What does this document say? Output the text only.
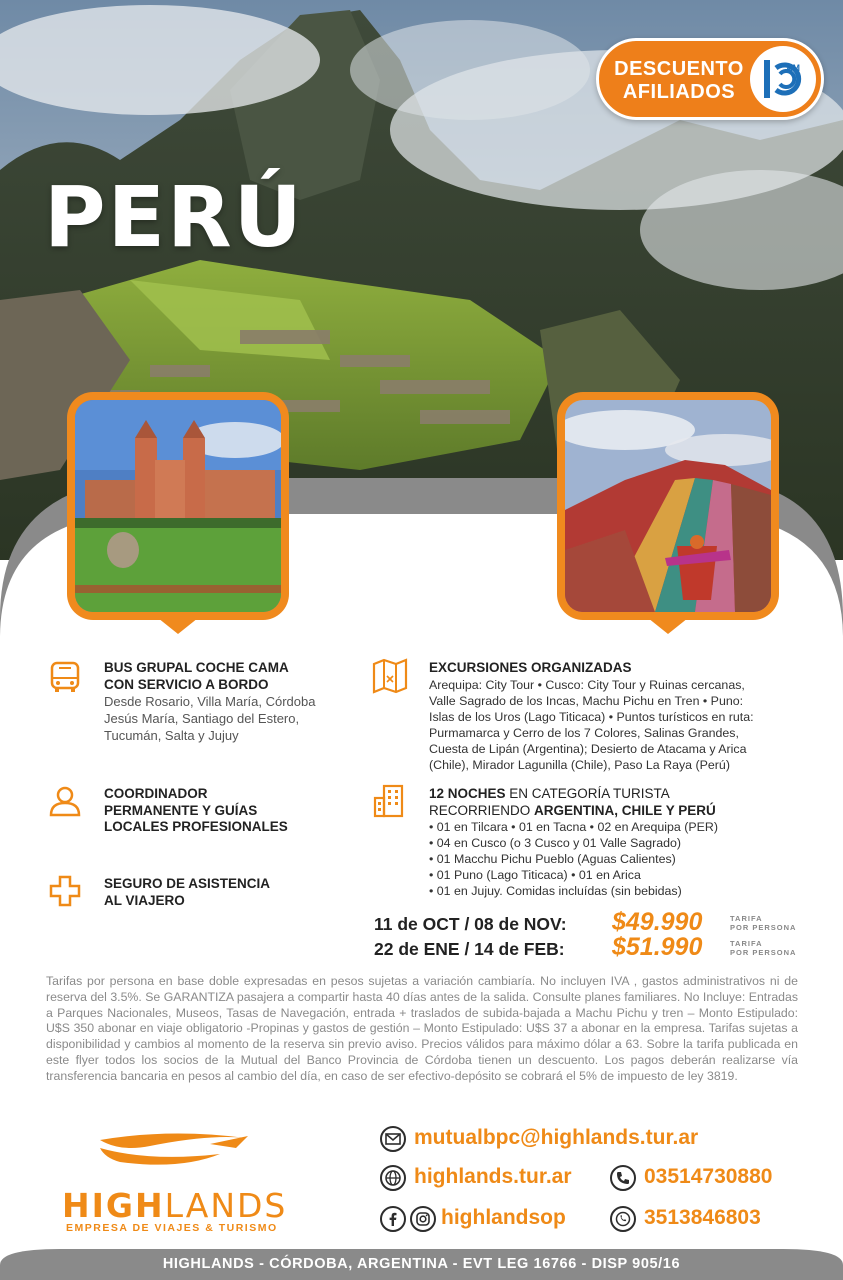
PERÚ
DESCUENTO
AFILIADOS
AM
BUS GRUPAL COCHE CAMA
CON SERVICIO A BORDO
Desde Rosario, Villa María, Córdoba
Jesús María, Santiago del Estero,
Tucumán, Salta y Jujuy
COORDINADOR
PERMANENTE Y GUÍAS
LOCALES PROFESIONALES
SEGURO DE ASISTENCIA
AL VIAJERO
EXCURSIONES ORGANIZADAS
Arequipa: City Tour • Cusco: City Tour y Ruinas cercanas,
Valle Sagrado de los Incas, Machu Pichu en Tren • Puno:
Islas de los Uros (Lago Titicaca) • Puntos turísticos en ruta:
Purmamarca y Cerro de los 7 Colores, Salinas Grandes,
Cuesta de Lipán (Argentina); Desierto de Atacama y Arica
(Chile), Mirador Lagunilla (Chile), Paso La Raya (Perú)
12 NOCHES EN CATEGORÍA TURISTA
RECORRIENDO ARGENTINA, CHILE Y PERÚ
• 01 en Tilcara • 01 en Tacna • 02 en Arequipa (PER)
• 04 en Cusco (o 3 Cusco y 01 Valle Sagrado)
• 01 Macchu Pichu Pueblo (Aguas Calientes)
• 01 Puno (Lago Titicaca) • 01 en Arica
• 01 en Jujuy. Comidas incluídas (sin bebidas)
11 de OCT / 08 de NOV: $49.990	TARIFA
POR PERSONA
22 de ENE / 14 de FEB: $51.990	TARIFA
POR PERSONA
Tarifas por persona en base doble expresadas en pesos sujetas a variación cambiaría. No incluyen IVA , gastos administrativos ni de reserva del 3.5%. Se GARANTIZA pasajera a compartir hasta 40 días antes de la salida. Consulte planes familiares. No Incluye: Entradas a Parques Nacionales, Museos, Tasas de Navegación, entrada + traslados de subida-bajada a Machu Pichu y tren – Monto Estipulado: U$S 350 abonar en viaje obligatorio -Propinas y gastos de gestión – Monto Estipulado: U$S 37 a abonar en la empresa. Tarifas sujetas a disponibilidad y cambios al momento de la reserva sin previo aviso. Precios válidos para máximo dólar a 63. Sobre la tarifa publicada en este flyer todos los socios de la Mutual del Banco Provincia de Córdoba tienen un descuento. Los pagos deberán realizarse vía transferencia bancaria en pesos al cambio del día, en caso de ser efectivo-depósito se cobrará el 5% de impuesto de ley 3819.
HIGHLANDS
EMPRESA DE VIAJES & TURISMO
mutualbpc@highlands.tur.ar
highlands.tur.ar	03514730880
highlandsop	3513846803
HIGHLANDS - CÓRDOBA, ARGENTINA - EVT LEG 16766 - DISP 905/16
